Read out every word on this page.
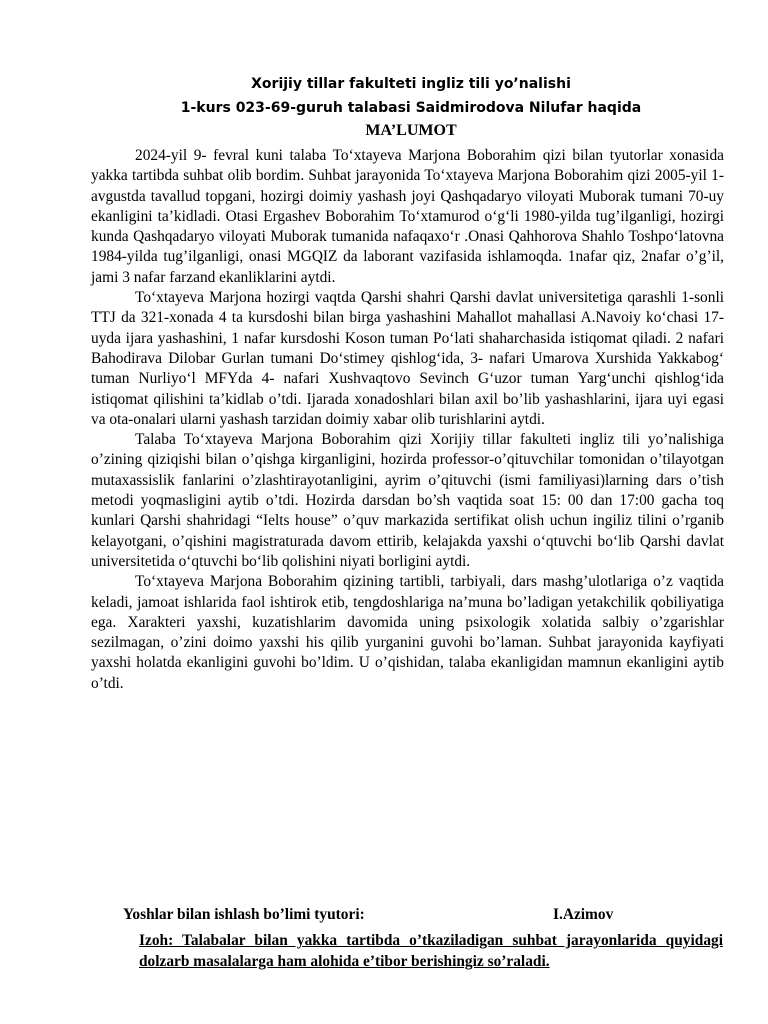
Xorijiy tillar fakulteti ingliz tili yo’nalishi
1-kurs 023-69-guruh talabasi Saidmirodova Nilufar haqida
MA’LUMOT

2024-yil 9- fevral kuni talaba To‘xtayeva Marjona Boborahim qizi bilan tyutorlar xonasida yakka tartibda suhbat olib bordim. Suhbat jarayonida To‘xtayeva Marjona Boborahim qizi 2005-yil 1-avgustda tavallud topgani, hozirgi doimiy yashash joyi Qashqadaryo viloyati Muborak tumani 70-uy ekanligini ta’kidladi. Otasi Ergashev Boborahim To‘xtamurod o‘g‘li 1980-yilda tug’ilganligi, hozirgi kunda Qashqadaryo viloyati Muborak tumanida nafaqaxo‘r .Onasi Qahhorova Shahlo Toshpo‘latovna 1984-yilda tug’ilganligi, onasi MGQIZ da laborant vazifasida ishlamoqda. 1nafar qiz, 2nafar o’g’il, jami 3 nafar farzand ekanliklarini aytdi.

To‘xtayeva Marjona hozirgi vaqtda Qarshi shahri Qarshi davlat universitetiga qarashli 1-sonli TTJ da 321-xonada 4 ta kursdoshi bilan birga yashashini Mahallot mahallasi A.Navoiy ko‘chasi 17- uyda ijara yashashini, 1 nafar kursdoshi Koson tuman Po‘lati shaharchasida istiqomat qiladi. 2 nafari Bahodirava Dilobar Gurlan tumani Do‘stimey qishlog‘ida, 3- nafari Umarova Xurshida Yakkabog‘ tuman Nurliyo‘l MFYda 4- nafari Xushvaqtovo Sevinch G‘uzor tuman Yarg‘unchi qishlog‘ida istiqomat qilishini ta’kidlab o’tdi. Ijarada xonadoshlari bilan axil bo’lib yashashlarini, ijara uyi egasi va ota-onalari ularni yashash tarzidan doimiy xabar olib turishlarini aytdi.

Talaba To‘xtayeva Marjona Boborahim qizi Xorijiy tillar fakulteti ingliz tili yo’nalishiga o’zining qiziqishi bilan o’qishga kirganligini, hozirda professor-o’qituvchilar tomonidan o’tilayotgan mutaxassislik fanlarini o’zlashtirayotanligini, ayrim o’qituvchi (ismi familiyasi)larning dars o’tish metodi yoqmasligini aytib o’tdi. Hozirda darsdan bo’sh vaqtida soat 15: 00 dan 17:00 gacha toq kunlari Qarshi shahridagi “Ielts house” o’quv markazida sertifikat olish uchun ingiliz tilini o’rganib kelayotgani, o’qishini magistraturada davom ettirib, kelajakda yaxshi o‘qtuvchi bo‘lib Qarshi davlat universitetida o‘qtuvchi bo‘lib qolishini niyati borligini aytdi.

To‘xtayeva Marjona Boborahim qizining tartibli, tarbiyali, dars mashg’ulotlariga o’z vaqtida keladi, jamoat ishlarida faol ishtirok etib, tengdoshlariga na’muna bo’ladigan yetakchilik qobiliyatiga ega. Xarakteri yaxshi, kuzatishlarim davomida uning psixologik xolatida salbiy o’zgarishlar sezilmagan, o’zini doimo yaxshi his qilib yurganini guvohi bo’laman. Suhbat jarayonida kayfiyati yaxshi holatda ekanligini guvohi bo’ldim. U o’qishidan, talaba ekanligidan mamnun ekanligini aytib o’tdi.

Yoshlar bilan ishlash bo’limi tyutori:	I.Azimov
Izoh: Talabalar bilan yakka tartibda o’tkaziladigan suhbat jarayonlarida quyidagi dolzarb masalalarga ham alohida e’tibor berishingiz so’raladi.
